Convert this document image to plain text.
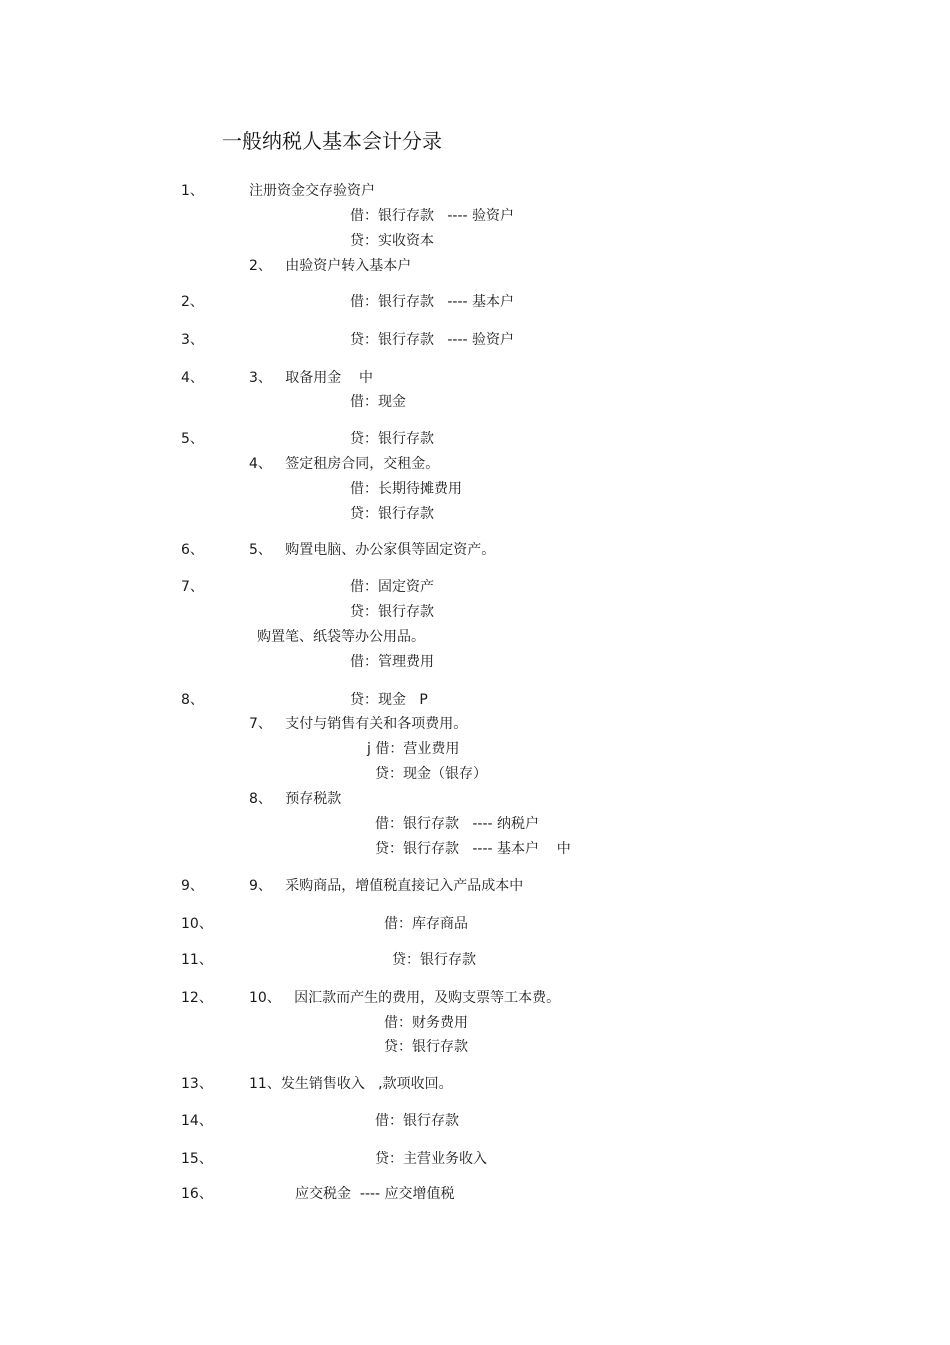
一般纳税人基本会计分录
1、	注册资金交存验资户
借：银行存款   ---- 验资户
贷：实收资本
2、   由验资户转入基本户
2、	借：银行存款   ---- 基本户
3、	贷：银行存款   ---- 验资户
4、	3、   取备用金    中
借：现金
5、	贷：银行存款
4、   签定租房合同，交租金。
借：长期待摊费用
贷：银行存款
6、	5、   购置电脑、办公家俱等固定资产。
7、	借：固定资产
贷：银行存款
购置笔、纸袋等办公用品。
借：管理费用
8、	贷：现金   P
7、   支付与销售有关和各项费用。
j 借：营业费用
贷：现金（银存）
8、   预存税款
借：银行存款   ---- 纳税户
贷：银行存款   ---- 基本户    中
9、	9、   采购商品，增值税直接记入产品成本中
10、	借：库存商品
11、	贷：银行存款
12、	10、   因汇款而产生的费用，及购支票等工本费。
借：财务费用
贷：银行存款
13、	11、发生销售收入   ,款项收回。
14、	借：银行存款
15、	贷：主营业务收入
16、	应交税金  ---- 应交增值税
